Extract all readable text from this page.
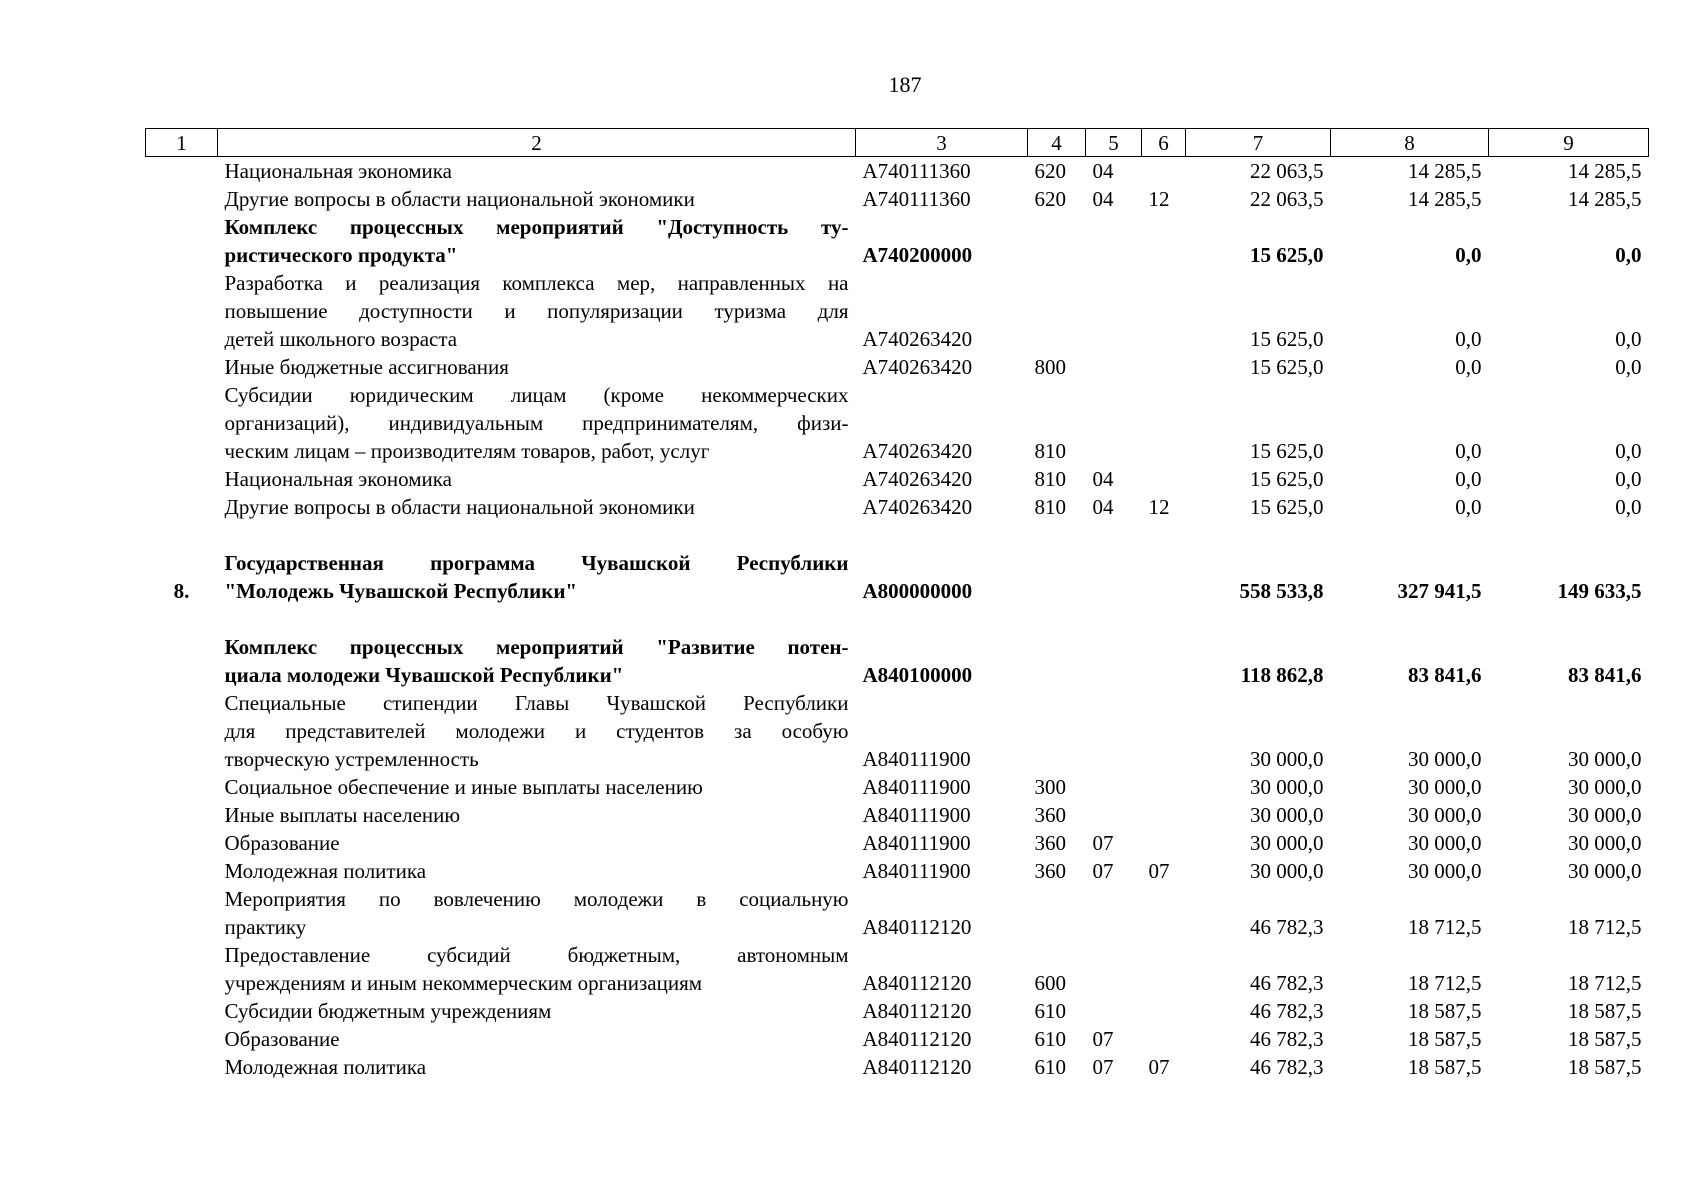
187
1	2	3	4	5	6	7	8	9

	Национальная экономика	А740111360	620	04		22 063,5	14 285,5	14 285,5

	Другие вопросы в области национальной экономики	А740111360	620	04	12	22 063,5	14 285,5	14 285,5

	Комплекс процессных мероприятий "Доступность ту-
ристического продукта"	А740200000				15 625,0	0,0	0,0

	Разработка и реализация комплекса мер, направленных на
повышение доступности и популяризации туризма для
детей школьного возраста	А740263420				15 625,0	0,0	0,0

	Иные бюджетные ассигнования	А740263420	800			15 625,0	0,0	0,0

	Субсидии юридическим лицам (кроме некоммерческих
организаций), индивидуальным предпринимателям, физи-
ческим лицам – производителям товаров, работ, услуг	А740263420	810			15 625,0	0,0	0,0

	Национальная экономика	А740263420	810	04		15 625,0	0,0	0,0

	Другие вопросы в области национальной экономики	А740263420	810	04	12	15 625,0	0,0	0,0

8.	Государственная программа Чувашской Республики
"Молодежь Чувашской Республики"	А800000000				558 533,8	327 941,5	149 633,5

	Комплекс процессных мероприятий "Развитие потен-
циала молодежи Чувашской Республики"	А840100000				118 862,8	83 841,6	83 841,6

	Специальные стипендии Главы Чувашской Республики
для представителей молодежи и студентов за особую
творческую устремленность	А840111900				30 000,0	30 000,0	30 000,0

	Социальное обеспечение и иные выплаты населению	А840111900	300			30 000,0	30 000,0	30 000,0

	Иные выплаты населению	А840111900	360			30 000,0	30 000,0	30 000,0

	Образование	А840111900	360	07		30 000,0	30 000,0	30 000,0

	Молодежная политика	А840111900	360	07	07	30 000,0	30 000,0	30 000,0

	Мероприятия по вовлечению молодежи в социальную
практику	А840112120				46 782,3	18 712,5	18 712,5

	Предоставление субсидий бюджетным, автономным
учреждениям и иным некоммерческим организациям	А840112120	600			46 782,3	18 712,5	18 712,5

	Субсидии бюджетным учреждениям	А840112120	610			46 782,3	18 587,5	18 587,5

	Образование	А840112120	610	07		46 782,3	18 587,5	18 587,5

	Молодежная политика	А840112120	610	07	07	46 782,3	18 587,5	18 587,5
